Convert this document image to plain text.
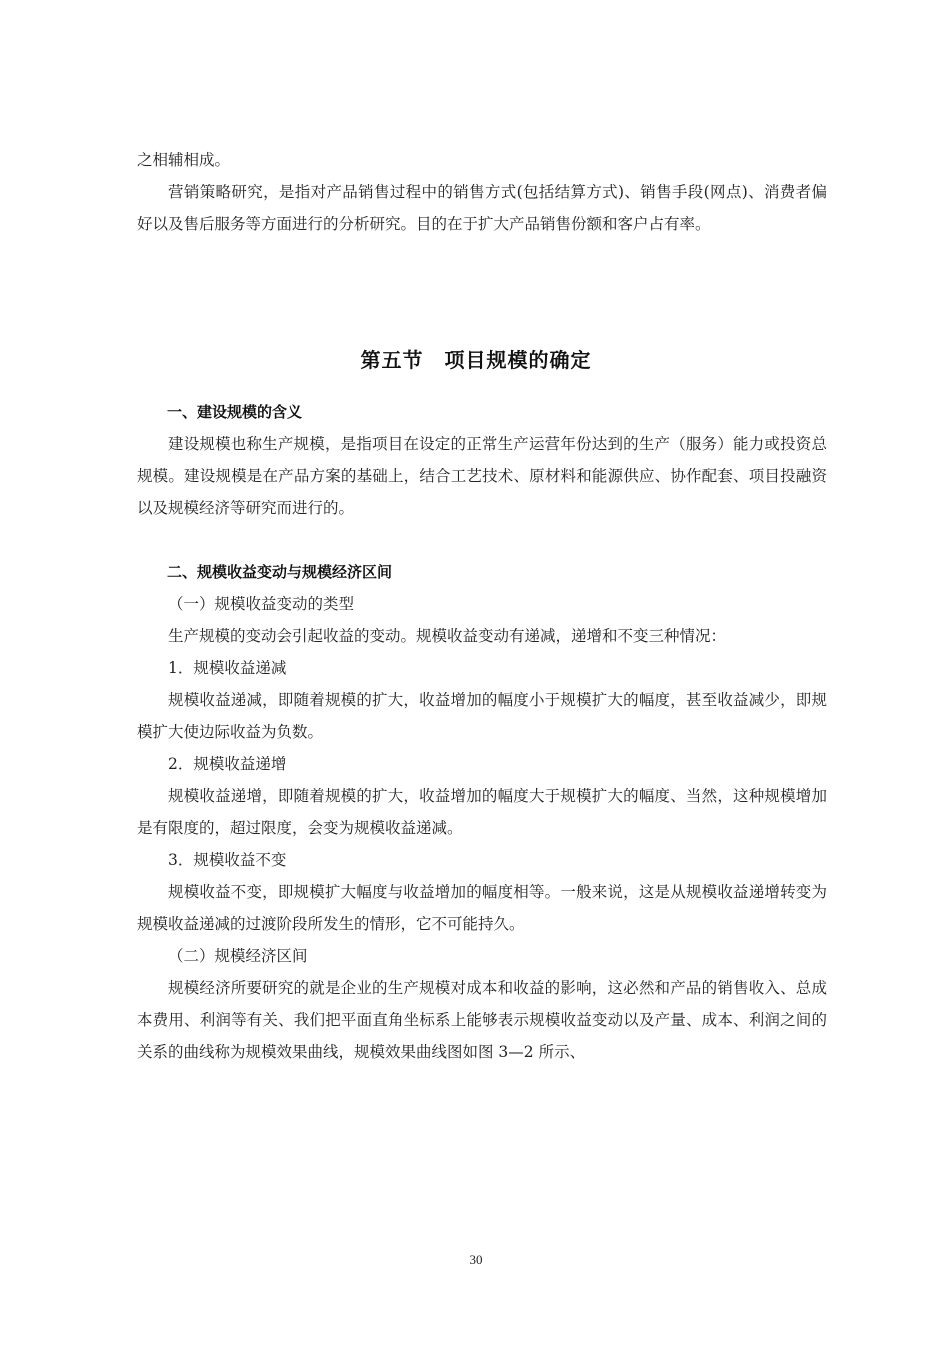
之相辅相成。

营销策略研究，是指对产品销售过程中的销售方式(包括结算方式)、销售手段(网点)、消费者偏好以及售后服务等方面进行的分析研究。目的在于扩大产品销售份额和客户占有率。

第五节　项目规模的确定

一、建设规模的含义

建设规模也称生产规模，是指项目在设定的正常生产运营年份达到的生产（服务）能力或投资总规模。建设规模是在产品方案的基础上，结合工艺技术、原材料和能源供应、协作配套、项目投融资以及规模经济等研究而进行的。

二、规模收益变动与规模经济区间

（一）规模收益变动的类型

生产规模的变动会引起收益的变动。规模收益变动有递减，递增和不变三种情况：

1．规模收益递减

规模收益递减，即随着规模的扩大，收益增加的幅度小于规模扩大的幅度，甚至收益减少，即规模扩大使边际收益为负数。

2．规模收益递增

规模收益递增，即随着规模的扩大，收益增加的幅度大于规模扩大的幅度、当然，这种规模增加是有限度的，超过限度，会变为规模收益递减。

3．规模收益不变

规模收益不变，即规模扩大幅度与收益增加的幅度相等。一般来说，这是从规模收益递增转变为规模收益递减的过渡阶段所发生的情形，它不可能持久。

（二）规模经济区间

规模经济所要研究的就是企业的生产规模对成本和收益的影响，这必然和产品的销售收入、总成本费用、利润等有关、我们把平面直角坐标系上能够表示规模收益变动以及产量、成本、利润之间的关系的曲线称为规模效果曲线，规模效果曲线图如图 3—2 所示、

30
